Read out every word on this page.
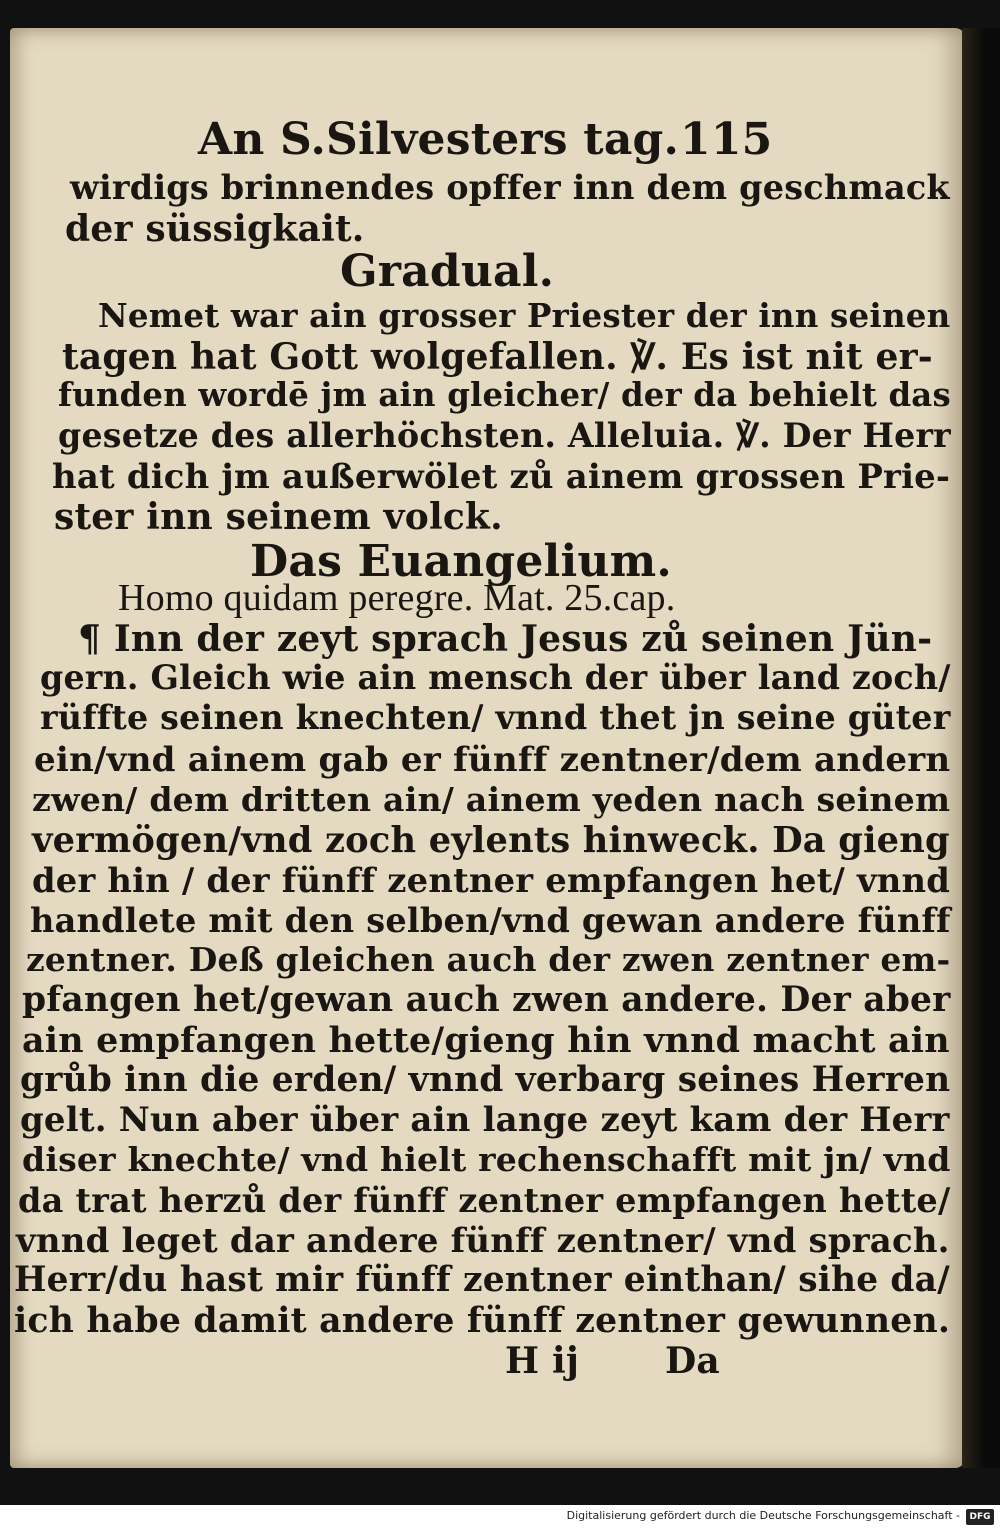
An S.Silvesters tag. 115
wirdigs brinnendes opffer inn dem geschmack
der süssigkait.
Gradual.
Nemet war ain grosser Priester der inn seinen
tagen hat Gott wolgefallen. ℣. Es ist nit er-
funden wordē jm ain gleicher/ der da behielt das
gesetze des allerhöchsten. Alleluia. ℣. Der Herr
hat dich jm außerwölet zů ainem grossen Prie-
ster inn seinem volck.
Das Euangelium.
Homo quidam peregre. Mat. 25.cap.
¶ Inn der zeyt sprach Jesus zů seinen Jün-
gern. Gleich wie ain mensch der über land zoch/
rüffte seinen knechten/ vnnd thet jn seine güter
ein/vnd ainem gab er fünff zentner/dem andern
zwen/ dem dritten ain/ ainem yeden nach seinem
vermögen/vnd zoch eylents hinweck. Da gieng
der hin / der fünff zentner empfangen het/ vnnd
handlete mit den selben/vnd gewan andere fünff
zentner. Deß gleichen auch der zwen zentner em-
pfangen het/gewan auch zwen andere. Der aber
ain empfangen hette/gieng hin vnnd macht ain
grůb inn die erden/ vnnd verbarg seines Herren
gelt. Nun aber über ain lange zeyt kam der Herr
diser knechte/ vnd hielt rechenschafft mit jn/ vnd
da trat herzů der fünff zentner empfangen hette/
vnnd leget dar andere fünff zentner/ vnd sprach.
Herr/du hast mir fünff zentner einthan/ sihe da/
ich habe damit andere fünff zentner gewunnen.
H ij Da
Digitalisierung gefördert durch die Deutsche Forschungsgemeinschaft -	DFG
